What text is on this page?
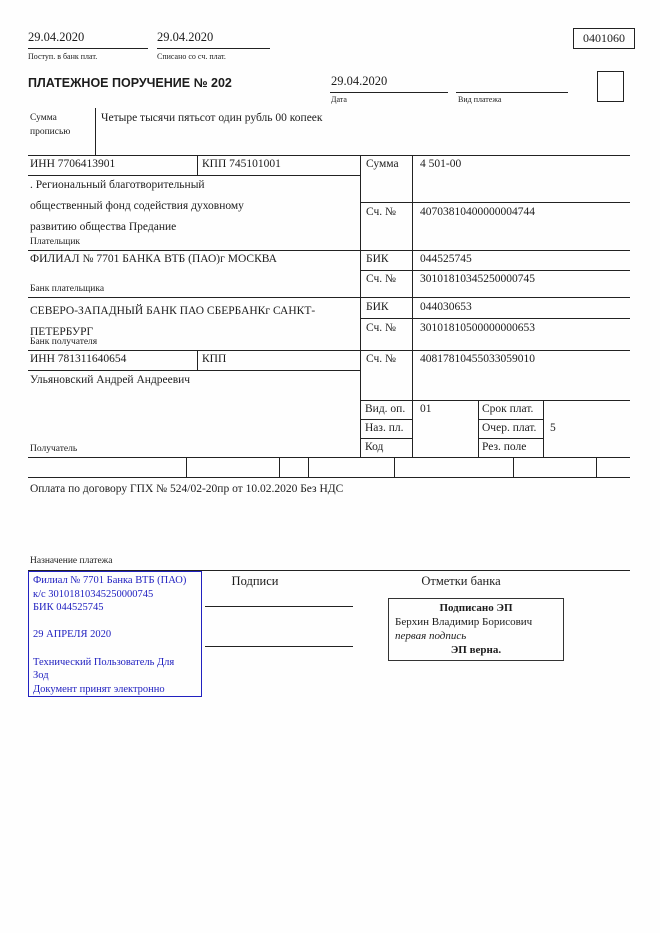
29.04.2020
Поступ. в банк плат.
29.04.2020
Списано со сч. плат.
0401060
ПЛАТЕЖНОЕ ПОРУЧЕНИЕ № 202	29.04.2020
Дата	Вид платежа
Сумма прописью
Четыре тысячи пятьсот один рубль 00 копеек
ИНН 7706413901	КПП 745101001	Сумма 4 501-00
. Региональный благотворительный
общественный фонд содействия духовному
развитию общества Предание
Сч. № 40703810400000004744
Плательщик
ФИЛИАЛ № 7701 БАНКА ВТБ (ПАО)г МОСКВА	БИК	044525745
Сч. № 30101810345250000745
Банк плательщика
СЕВЕРО-ЗАПАДНЫЙ БАНК ПАО СБЕРБАНКг САНКТ-ПЕТЕРБУРГ
БИК	044030653
Сч. № 30101810500000000653
Банк получателя
ИНН 781311640654	КПП	Сч. № 40817810455033059010
Ульяновский Андрей Андреевич
Вид. оп. 01	Срок плат.
Наз. пл.	Очер. плат. 5
Код	Рез. поле
Получатель
Оплата по договору ГПХ № 524/02-20пр от 10.02.2020 Без НДС
Назначение платежа
Филиал № 7701 Банка ВТБ (ПАО)
к/с 30101810345250000745
БИК 044525745
29 АПРЕЛЯ 2020
Технический Пользователь Для
Зод
Документ принят электронно
Подписи	Отметки банка
Подписано ЭП
Берхин Владимир Борисович
первая подпись
ЭП верна.
